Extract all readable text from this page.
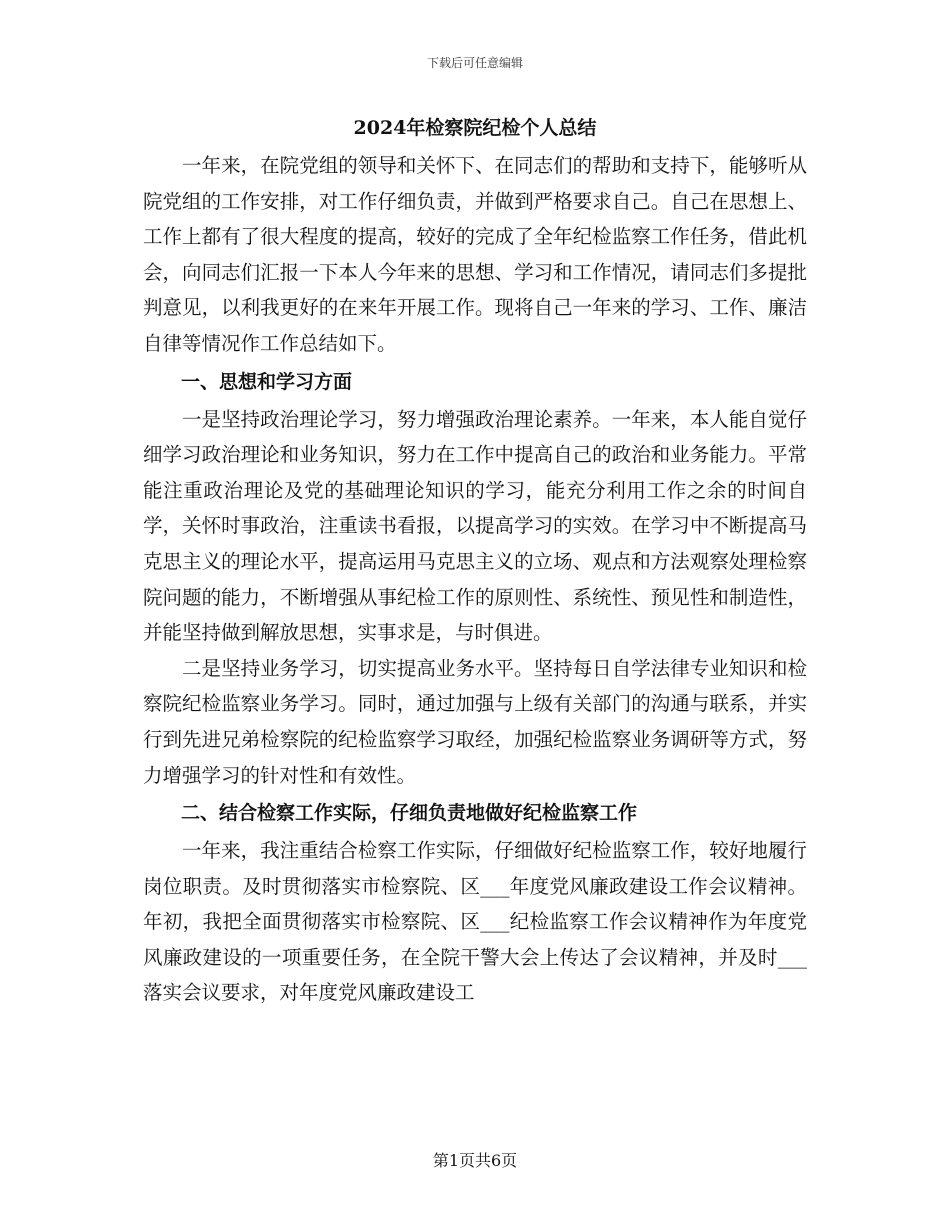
下载后可任意编辑
2024年检察院纪检个人总结

一年来，在院党组的领导和关怀下、在同志们的帮助和支持下，能够听从院党组的工作安排，对工作仔细负责，并做到严格要求自己。自己在思想上、工作上都有了很大程度的提高，较好的完成了全年纪检监察工作任务，借此机会，向同志们汇报一下本人今年来的思想、学习和工作情况，请同志们多提批判意见，以利我更好的在来年开展工作。现将自己一年来的学习、工作、廉洁自律等情况作工作总结如下。

一、思想和学习方面

一是坚持政治理论学习，努力增强政治理论素养。一年来，本人能自觉仔细学习政治理论和业务知识，努力在工作中提高自己的政治和业务能力。平常能注重政治理论及党的基础理论知识的学习，能充分利用工作之余的时间自学，关怀时事政治，注重读书看报，以提高学习的实效。在学习中不断提高马克思主义的理论水平，提高运用马克思主义的立场、观点和方法观察处理检察院问题的能力，不断增强从事纪检工作的原则性、系统性、预见性和制造性，并能坚持做到解放思想，实事求是，与时俱进。

二是坚持业务学习，切实提高业务水平。坚持每日自学法律专业知识和检察院纪检监察业务学习。同时，通过加强与上级有关部门的沟通与联系，并实行到先进兄弟检察院的纪检监察学习取经，加强纪检监察业务调研等方式，努力增强学习的针对性和有效性。

二、结合检察工作实际，仔细负责地做好纪检监察工作

一年来，我注重结合检察工作实际，仔细做好纪检监察工作，较好地履行岗位职责。及时贯彻落实市检察院、区___年度党风廉政建设工作会议精神。年初，我把全面贯彻落实市检察院、区___纪检监察工作会议精神作为年度党风廉政建设的一项重要任务，在全院干警大会上传达了会议精神，并及时___落实会议要求，对年度党风廉政建设工

第1页共6页
